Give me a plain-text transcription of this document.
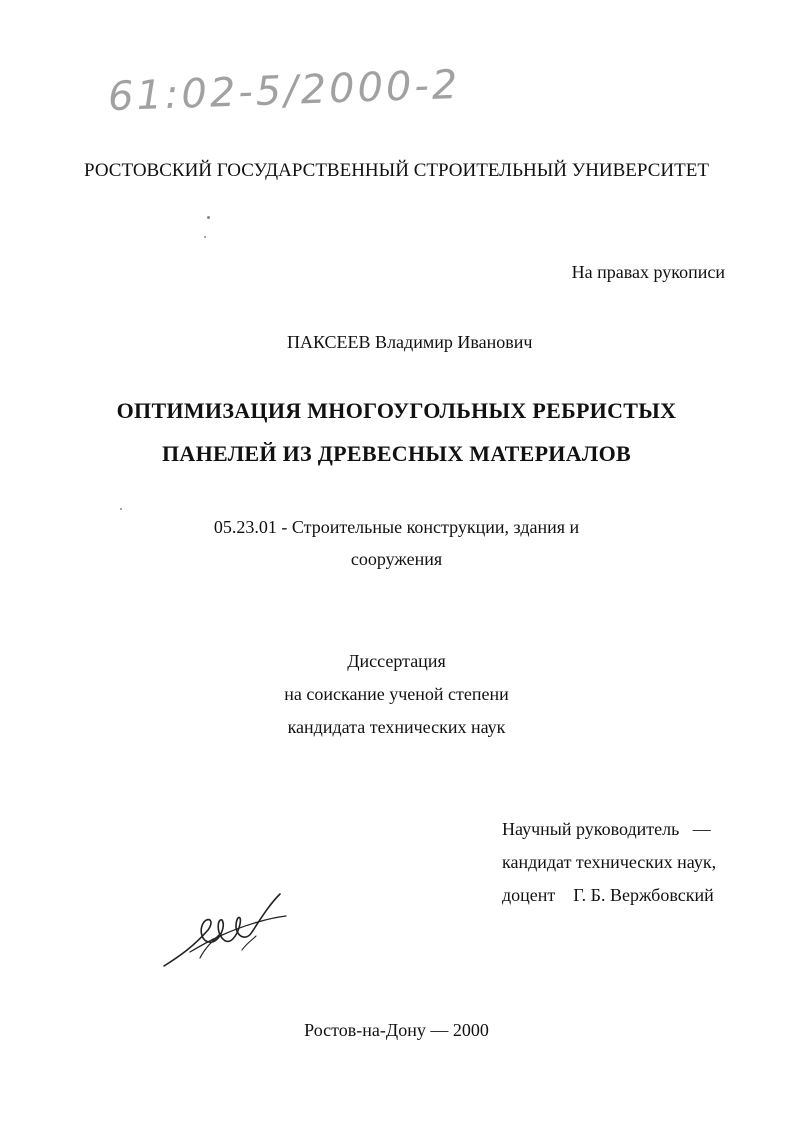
61:02-5/2000-2
РОСТОВСКИЙ ГОСУДАРСТВЕННЫЙ СТРОИТЕЛЬНЫЙ УНИВЕРСИТЕТ
На правах рукописи
ПАКСЕЕВ Владимир Иванович
ОПТИМИЗАЦИЯ МНОГОУГОЛЬНЫХ РЕБРИСТЫХ
ПАНЕЛЕЙ ИЗ ДРЕВЕСНЫХ МАТЕРИАЛОВ
05.23.01 - Строительные конструкции, здания и
сооружения
Диссертация
на соискание ученой степени
кандидата технических наук
Научный руководитель   —
кандидат технических наук,
доцент    Г. Б. Вержбовский
Ростов-на-Дону — 2000
